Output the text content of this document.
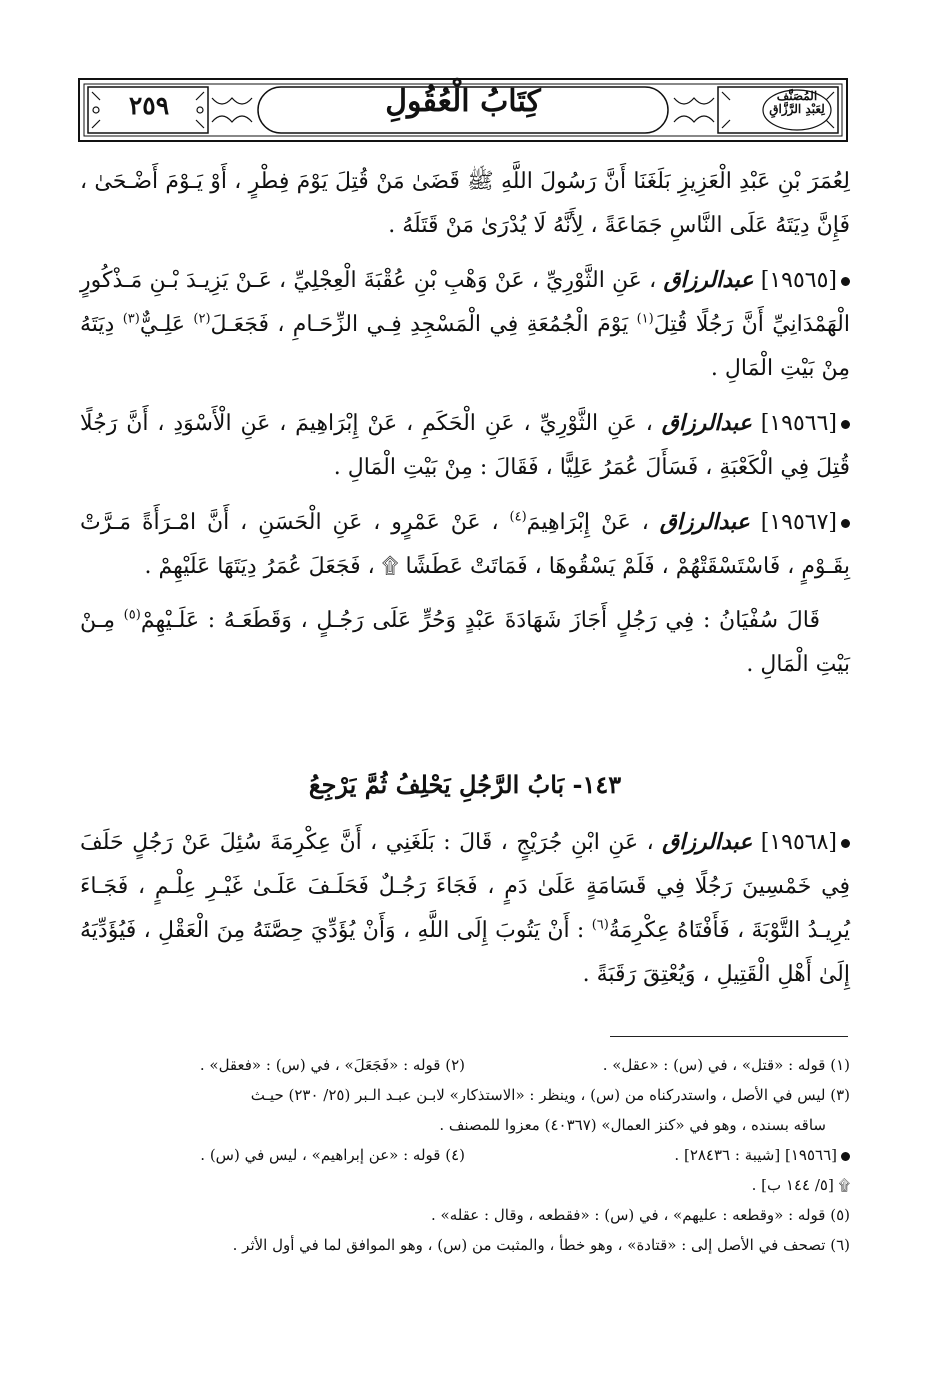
كِتَابُ الْعُقُولِ
٢٥٩	المُصَنَّف
لِعَبْدِ الرَّزَّاقِ

لِعُمَرَ بْنِ عَبْدِ الْعَزِيزِ بَلَغَنَا أَنَّ رَسُولَ اللَّهِ ﷺ قَضَىٰ مَنْ قُتِلَ يَوْمَ فِطْرٍ ، أَوْ يَـوْمَ أَضْـحَىٰ ، فَإِنَّ دِيَتَهُ عَلَى النَّاسِ جَمَاعَةً ، لِأَنَّهُ لَا يُدْرَىٰ مَنْ قَتَلَهُ .

[١٩٥٦٥] عبدالرزاق ، عَنِ الثَّوْرِيِّ ، عَنْ وَهْبِ بْنِ عُقْبَةَ الْعِجْلِيِّ ، عَـنْ يَزِيـدَ بْـنِ مَـذْكُورٍ الْهَمْدَانِيِّ أَنَّ رَجُلًا قُتِلَ$^{(١)}$ يَوْمَ الْجُمُعَةِ فِي الْمَسْجِدِ فِـي الزِّحَـامِ ، فَجَعَـلَ$^{(٢)}$ عَلِـيٌّ$^{(٣)}$ دِيَتَهُ مِنْ بَيْتِ الْمَالِ .

[١٩٥٦٦] عبدالرزاق ، عَنِ الثَّوْرِيِّ ، عَنِ الْحَكَمِ ، عَنْ إِبْرَاهِيمَ ، عَنِ الْأَسْوَدِ ، أَنَّ رَجُلًا قُتِلَ فِي الْكَعْبَةِ ، فَسَأَلَ عُمَرُ عَلِيًّا ، فَقَالَ : مِنْ بَيْتِ الْمَالِ .

[١٩٥٦٧] عبدالرزاق ، عَنْ إِبْرَاهِيمَ$^{(٤)}$ ، عَنْ عَمْرٍو ، عَنِ الْحَسَنِ ، أَنَّ امْـرَأَةً مَـرَّتْ بِقَـوْمٍ ، فَاسْتَسْقَتْهُمْ ، فَلَمْ يَسْقُوهَا ، فَمَاتَتْ عَطَشًا ۩ ، فَجَعَلَ عُمَرُ دِيَتَهَا عَلَيْهِمْ .

قَالَ سُفْيَانُ : فِي رَجُلٍ أَجَازَ شَهَادَةَ عَبْدٍ وَحُرٍّ عَلَى رَجُـلٍ ، وَقَطَعَـهُ : عَلَـيْهِمْ$^{(٥)}$ مِـنْ بَيْتِ الْمَالِ .

١٤٣- بَابُ الرَّجُلِ يَحْلِفُ ثُمَّ يَرْجِعُ

[١٩٥٦٨] عبدالرزاق ، عَنِ ابْنِ جُرَيْجٍ ، قَالَ : بَلَغَنِي ، أَنَّ عِكْرِمَةَ سُئِلَ عَنْ رَجُلٍ حَلَفَ فِي خَمْسِينَ رَجُلًا فِي قَسَامَةٍ عَلَىٰ دَمٍ ، فَجَاءَ رَجُـلٌ فَحَلَـفَ عَلَـىٰ غَيْـرِ عِلْـمٍ ، فَجَـاءَ يُرِيـدُ التَّوْبَةَ ، فَأَفْتَاهُ عِكْرِمَةُ$^{(٦)}$ : أَنْ يَتُوبَ إِلَى اللَّهِ ، وَأَنْ يُؤَدِّيَ حِصَّتَهُ مِنَ الْعَقْلِ ، فَيُؤَدِّيَهُ إِلَىٰ أَهْلِ الْقَتِيلِ ، وَيُعْتِقَ رَقَبَةً .

(١) قوله : «قتل» ، في (س) : «عقل» .
(٢) قوله : «فَجَعَلَ» ، في (س) : «فعقل» .
(٣) ليس في الأصل ، واستدركناه من (س) ، وينظر : «الاستذكار» لابـن عبـد الـبر (٢٥/ ٢٣٠) حيـث
ساقه بسنده ، وهو في «كنز العمال» (٤٠٣٦٧) معزوا للمصنف .
[١٩٥٦٦] [شيبة : ٢٨٤٣٦] .
(٤) قوله : «عن إبراهيم» ، ليس في (س) .
۩ [٥/ ١٤٤ ب] .
(٥) قوله : «وقطعه : عليهم» ، في (س) : «فقطعه ، وقال : عقله» .
(٦) تصحف في الأصل إلى : «قتادة» ، وهو خطأ ، والمثبت من (س) ، وهو الموافق لما في أول الأثر .
